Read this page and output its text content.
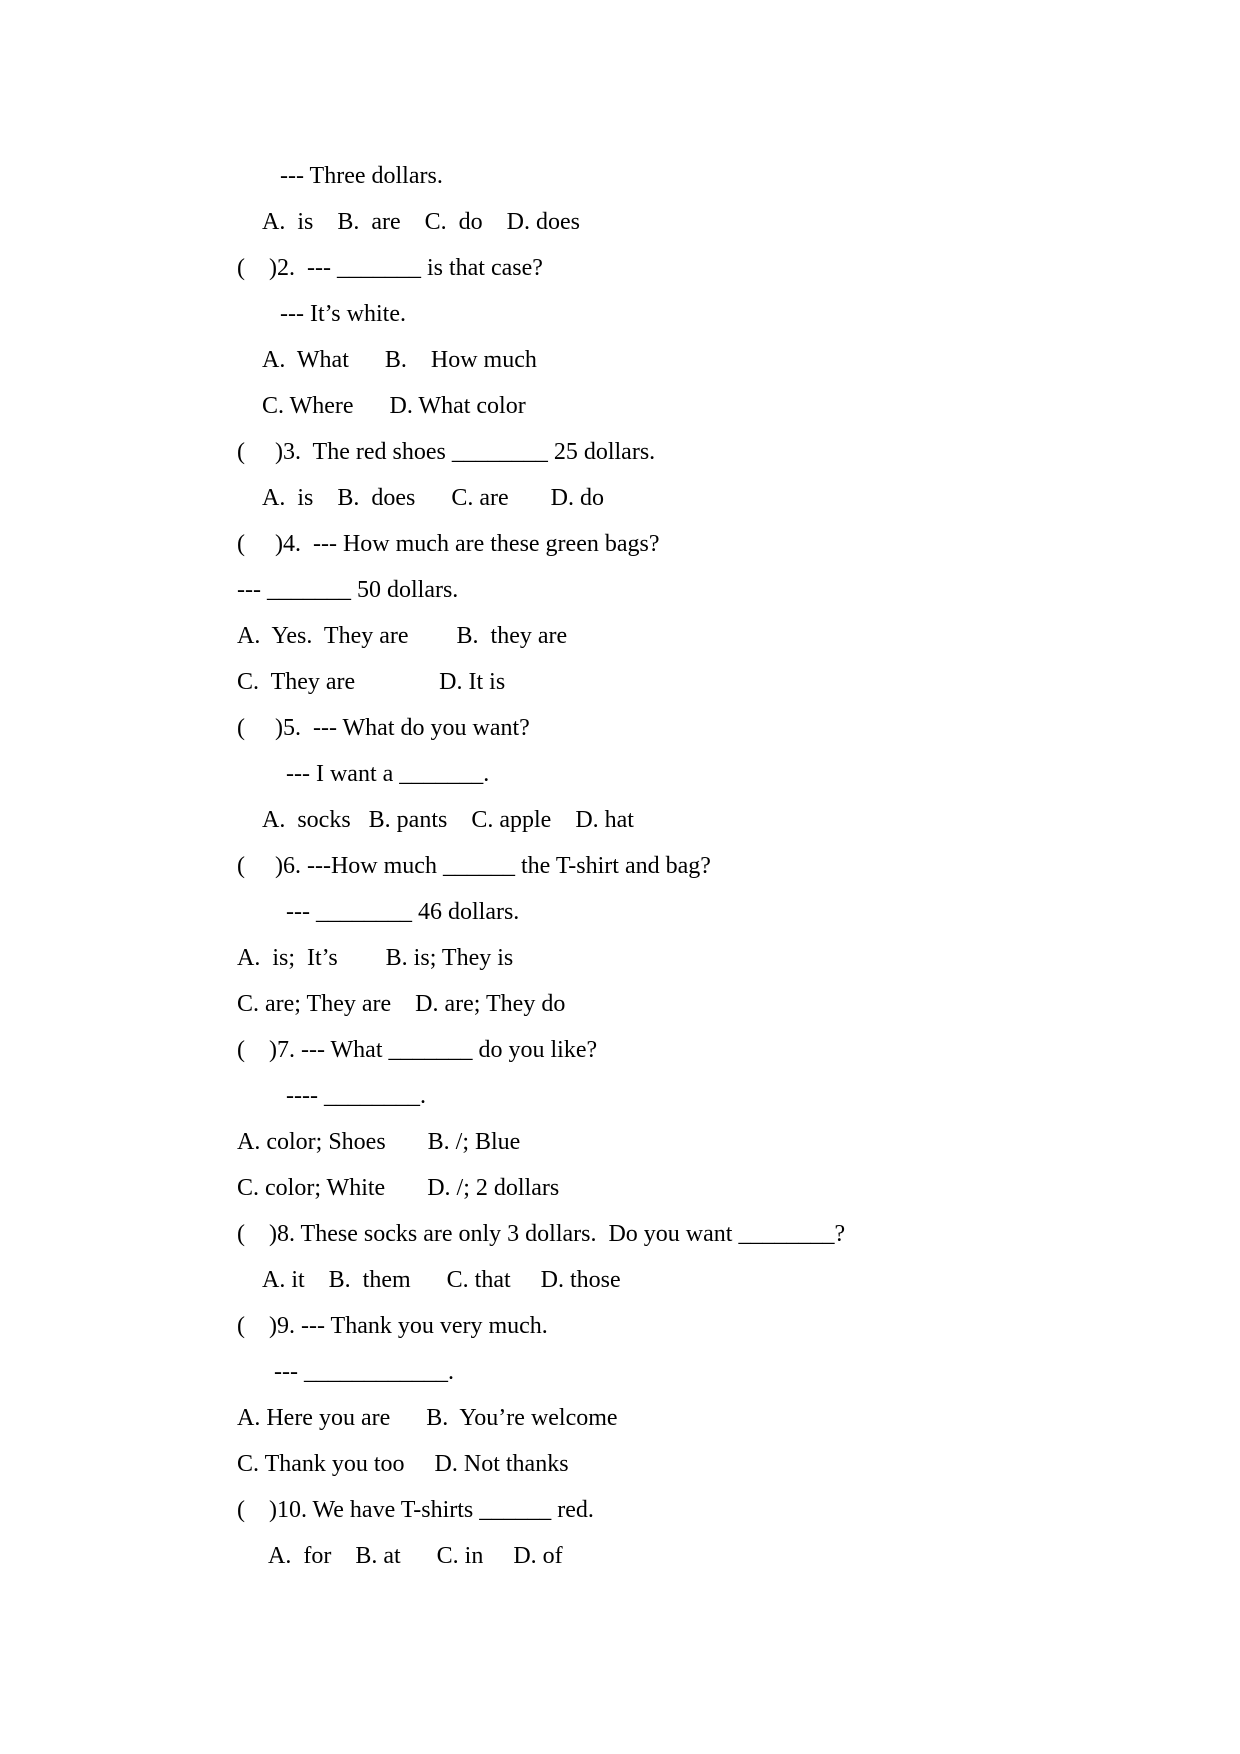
--- Three dollars.
A.  is    B.  are    C.  do    D. does
(    )2.  --- _______ is that case?
--- It’s white.
A.  What      B.    How much
C. Where      D. What color
(     )3.  The red shoes ________ 25 dollars.
A.  is    B.  does      C. are       D. do
(     )4.  --- How much are these green bags?
--- _______ 50 dollars.
A.  Yes.  They are        B.  they are
C.  They are              D. It is
(     )5.  --- What do you want?
--- I want a _______.
A.  socks   B. pants    C. apple    D. hat
(     )6. ---How much ______ the T-shirt and bag?
--- ________ 46 dollars.
A.  is;  It’s        B. is; They is
C. are; They are    D. are; They do
(    )7. --- What _______ do you like?
---- ________.
A. color; Shoes       B. /; Blue
C. color; White       D. /; 2 dollars
(    )8. These socks are only 3 dollars.  Do you want ________?
A. it    B.  them      C. that     D. those
(    )9. --- Thank you very much.
--- ____________.
A. Here you are      B.  You’re welcome
C. Thank you too     D. Not thanks
(    )10. We have T-shirts ______ red.
A.  for    B. at      C. in     D. of
